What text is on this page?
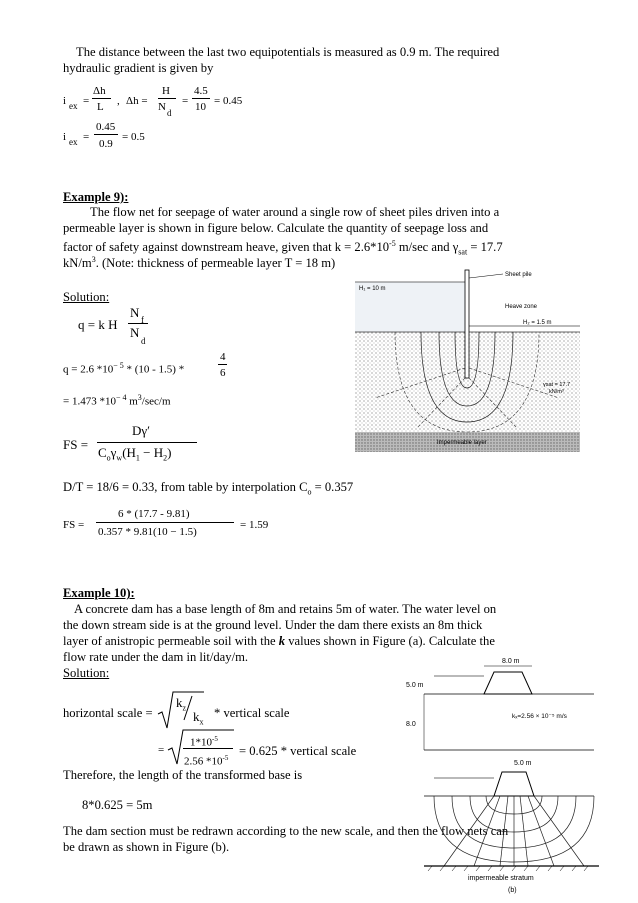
The distance between the last two equipotentials is measured as 0.9 m. The required
hydraulic gradient is given by
i ex =
Δh
L , Δh =
H
N d
=
4.5
10 = 0.45
i ex =
0.45
0.9
= 0.5
Example 9):
The flow net for seepage of water around a single row of sheet piles driven into a
permeable layer is shown in figure below. Calculate the quantity of seepage loss and
factor of safety against downstream heave, given that $k = 2.6*10^{-5}$ m/sec and $\gamma_{sat} = 17.7$
$kN/m^3$. (Note: thickness of permeable layer T = 18 m)
Solution:
q = k H
N f
N
d
q = 2.6 $*10^{- 5} * (10 - 1.5)$ *
4
6
= 1.473 $*10^{- 4}$ $m^3/\sec/m$
FS =
Dγ′
$C_o\gamma_w(H_1 - H_2)$
D/T = 18/6 = 0.33, from table by interpolation $C_o = 0.357$
FS =
6 * (17.7 - 9.81)
0.357 * 9.81(10 − 1.5)
= 1.59
Sheet pile
H₁ = 10 m
Heave zone
H₂ = 1.5 m
γsat = 17.7
kN/m³
Impermeable layer
Example 10):
A concrete dam has a base length of 8m and retains 5m of water. The water level on
the down stream side is at the ground level. Under the dam there exists an 8m thick
layer of anistropic permeable soil with the k values shown in Figure (a). Calculate the
flow rate under the dam in lit/day/m.
Solution:
horizontal scale =
$k_z$
$k_x$
* vertical scale
=
$1*10^{-5}$
2.56 $*10^{-5} = 0.625$ * vertical scale
Therefore, the length of the transformed base is
8*0.625 = 5m
The dam section must be redrawn according to the new scale, and then the flow nets can
be drawn as shown in Figure (b).
8.0 m
5.0 m
8.0
kₓ=2.56 × 10⁻⁵ m/s
5.0 m
impermeable stratum
(b)
